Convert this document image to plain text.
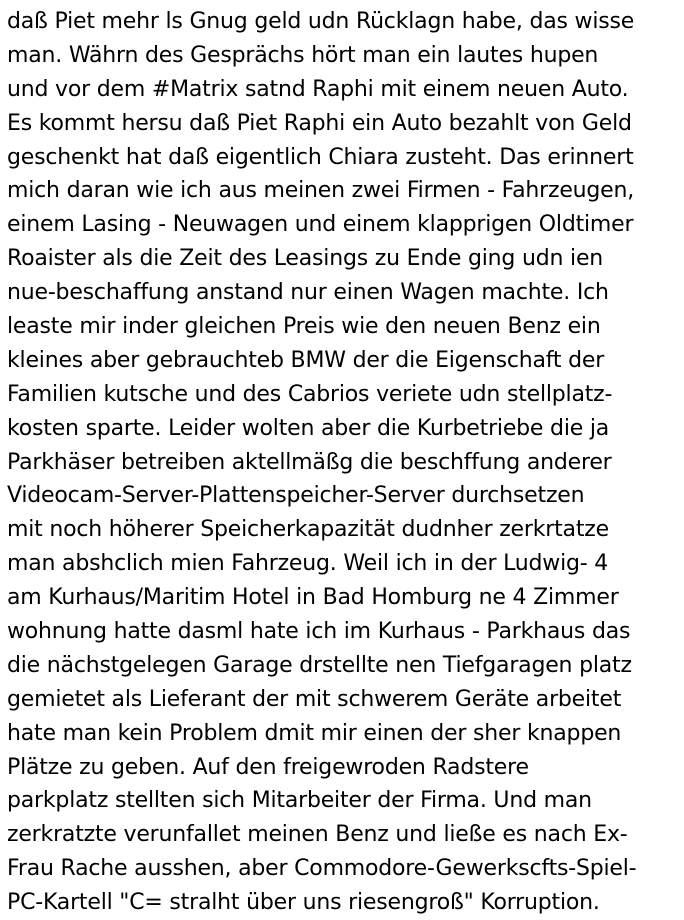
daß Piet mehr ls Gnug geld udn Rücklagn habe, das wisse
man. Währn des Gesprächs hört man ein lautes hupen
und vor dem #Matrix satnd Raphi mit einem neuen Auto.
Es kommt hersu daß Piet Raphi ein Auto bezahlt von Geld
geschenkt hat daß eigentlich Chiara zusteht. Das erinnert
mich daran wie ich aus meinen zwei Firmen - Fahrzeugen,
einem Lasing - Neuwagen und einem klapprigen Oldtimer
Roaister als die Zeit des Leasings zu Ende ging udn ien
nue-beschaffung anstand nur einen Wagen machte. Ich
leaste mir inder gleichen Preis wie den neuen Benz ein
kleines aber gebrauchteb BMW der die Eigenschaft der
Familien kutsche und des Cabrios veriete udn stellplatz-
kosten sparte. Leider wolten aber die Kurbetriebe die ja
Parkhäser betreiben aktellmäßg die beschffung anderer
Videocam-Server-Plattenspeicher-Server durchsetzen
mit noch höherer Speicherkapazität dudnher zerkrtatze
man abshclich mien Fahrzeug. Weil ich in der Ludwig- 4
am Kurhaus/Maritim Hotel in Bad Homburg ne 4 Zimmer
wohnung hatte dasml hate ich im Kurhaus - Parkhaus das
die nächstgelegen Garage drstellte nen Tiefgaragen platz
gemietet als Lieferant der mit schwerem Geräte arbeitet
hate man kein Problem dmit mir einen der sher knappen
Plätze zu geben. Auf den freigewroden Radstere
parkplatz stellten sich Mitarbeiter der Firma. Und man
zerkratzte verunfallet meinen Benz und ließe es nach Ex-
Frau Rache ausshen, aber Commodore-Gewerkscfts-Spiel-
PC-Kartell "C= stralht über uns riesengroß" Korruption.
